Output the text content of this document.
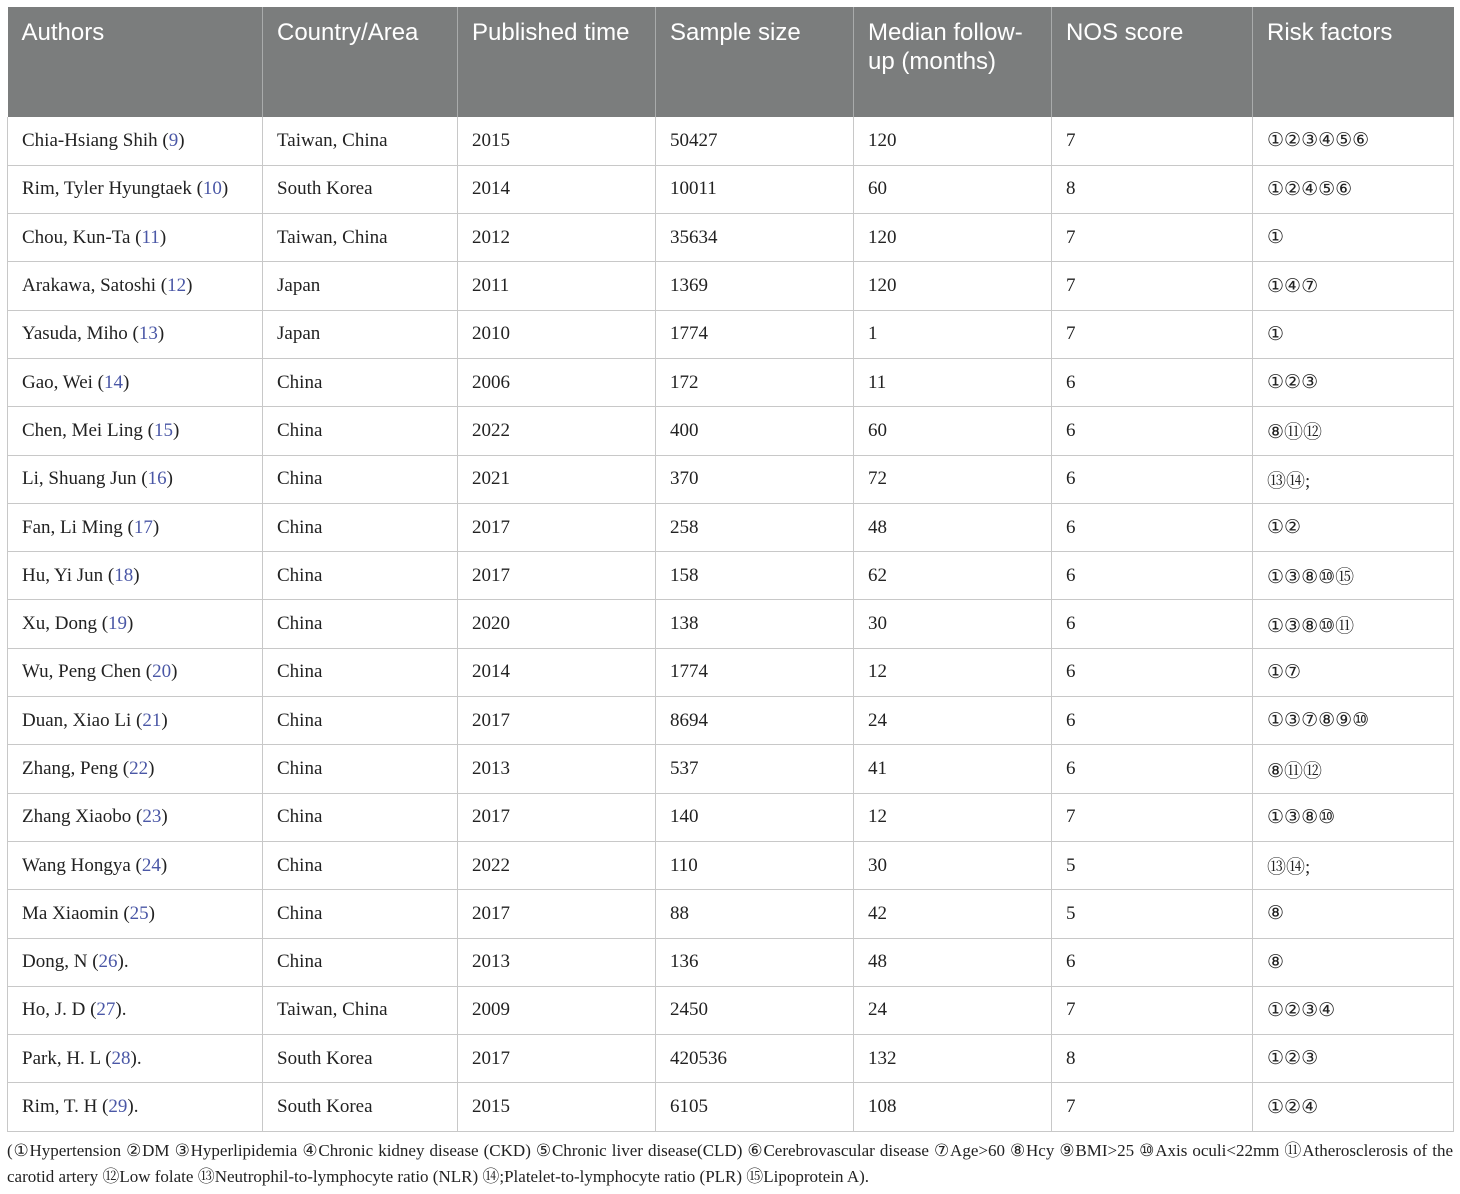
Authors	Country/Area	Published time	Sample size	Median follow-up (months)	NOS score	Risk factors
Chia-Hsiang Shih (9)	Taiwan, China	2015	50427	120	7	①②③④⑤⑥
Rim, Tyler Hyungtaek (10)	South Korea	2014	10011	60	8	①②④⑤⑥
Chou, Kun-Ta (11)	Taiwan, China	2012	35634	120	7	①
Arakawa, Satoshi (12)	Japan	2011	1369	120	7	①④⑦
Yasuda, Miho (13)	Japan	2010	1774	1	7	①
Gao, Wei (14)	China	2006	172	11	6	①②③
Chen, Mei Ling (15)	China	2022	400	60	6	⑧⑪⑫
Li, Shuang Jun (16)	China	2021	370	72	6	⑬⑭;
Fan, Li Ming (17)	China	2017	258	48	6	①②
Hu, Yi Jun (18)	China	2017	158	62	6	①③⑧⑩⑮
Xu, Dong (19)	China	2020	138	30	6	①③⑧⑩⑪
Wu, Peng Chen (20)	China	2014	1774	12	6	①⑦
Duan, Xiao Li (21)	China	2017	8694	24	6	①③⑦⑧⑨⑩
Zhang, Peng (22)	China	2013	537	41	6	⑧⑪⑫
Zhang Xiaobo (23)	China	2017	140	12	7	①③⑧⑩
Wang Hongya (24)	China	2022	110	30	5	⑬⑭;
Ma Xiaomin (25)	China	2017	88	42	5	⑧
Dong, N (26).	China	2013	136	48	6	⑧
Ho, J. D (27).	Taiwan, China	2009	2450	24	7	①②③④
Park, H. L (28).	South Korea	2017	420536	132	8	①②③
Rim, T. H (29).	South Korea	2015	6105	108	7	①②④
(①Hypertension ②DM ③Hyperlipidemia ④Chronic kidney disease (CKD) ⑤Chronic liver disease(CLD) ⑥Cerebrovascular disease ⑦Age>60 ⑧Hcy ⑨BMI>25 ⑩Axis oculi<22mm ⑪Atherosclerosis of the carotid artery ⑫Low folate ⑬Neutrophil-to-lymphocyte ratio (NLR) ⑭;Platelet-to-lymphocyte ratio (PLR) ⑮Lipoprotein A).
